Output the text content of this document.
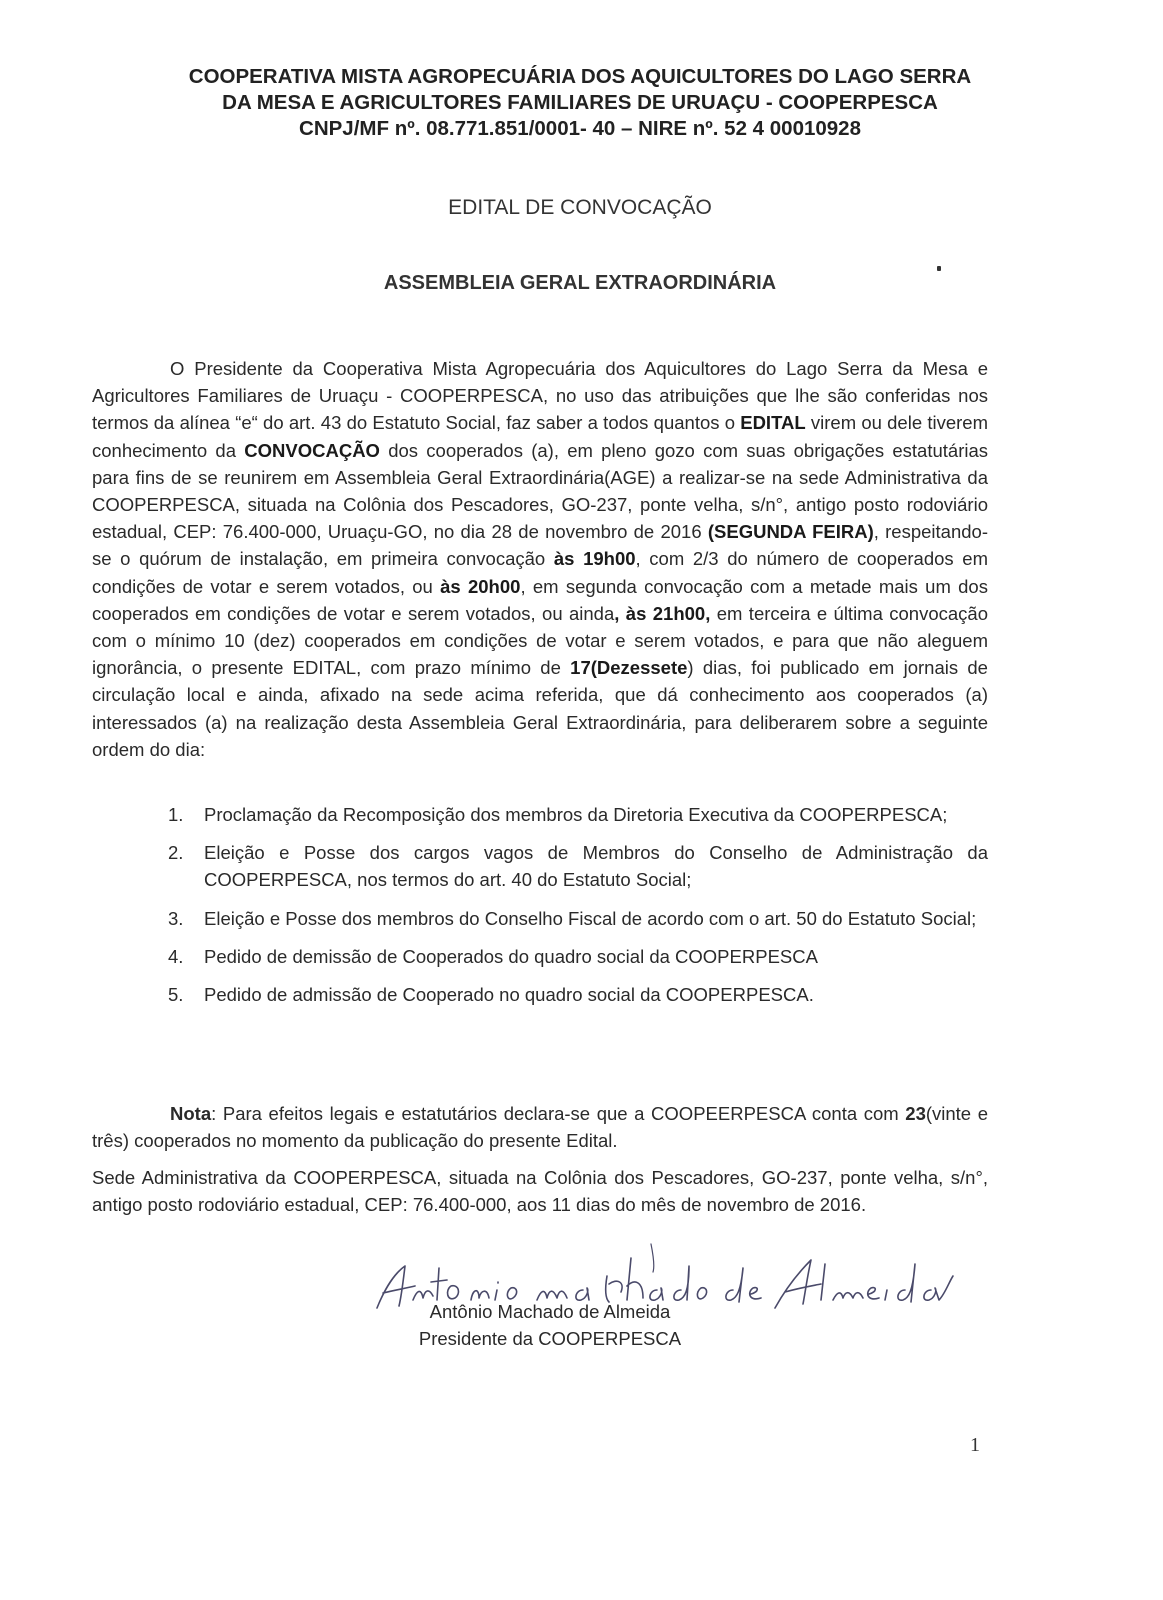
COOPERATIVA MISTA AGROPECUÁRIA DOS AQUICULTORES DO LAGO SERRA
DA MESA E AGRICULTORES FAMILIARES DE URUAÇU - COOPERPESCA
CNPJ/MF nº. 08.771.851/0001- 40 – NIRE nº. 52 4 00010928
EDITAL DE CONVOCAÇÃO
ASSEMBLEIA GERAL EXTRAORDINÁRIA
O Presidente da Cooperativa Mista Agropecuária dos Aquicultores do Lago Serra da Mesa e Agricultores Familiares de Uruaçu - COOPERPESCA, no uso das atribuições que lhe são conferidas nos termos da alínea “e“ do art. 43 do Estatuto Social, faz saber a todos quantos o EDITAL virem ou dele tiverem conhecimento da CONVOCAÇÃO dos cooperados (a), em pleno gozo com suas obrigações estatutárias para fins de se reunirem em Assembleia Geral Extraordinária(AGE) a realizar-se na sede Administrativa da COOPERPESCA, situada na Colônia dos Pescadores, GO-237, ponte velha, s/n°, antigo posto rodoviário estadual, CEP: 76.400-000, Uruaçu-GO, no dia 28 de novembro de 2016 (SEGUNDA FEIRA), respeitando-se o quórum de instalação, em primeira convocação às 19h00, com 2/3 do número de cooperados em condições de votar e serem votados, ou às 20h00, em segunda convocação com a metade mais um dos cooperados em condições de votar e serem votados, ou ainda, às 21h00, em terceira e última convocação com o mínimo 10 (dez) cooperados em condições de votar e serem votados, e para que não aleguem ignorância, o presente EDITAL, com prazo mínimo de 17(Dezessete) dias, foi publicado em jornais de circulação local e ainda, afixado na sede acima referida, que dá conhecimento aos cooperados (a) interessados (a) na realização desta Assembleia Geral Extraordinária, para deliberarem sobre a seguinte ordem do dia:
1. Proclamação da Recomposição dos membros da Diretoria Executiva da COOPERPESCA;
2. Eleição e Posse dos cargos vagos de Membros do Conselho de Administração da COOPERPESCA, nos termos do art. 40 do Estatuto Social;
3. Eleição e Posse dos membros do Conselho Fiscal de acordo com o art. 50 do Estatuto Social;
4. Pedido de demissão de Cooperados do quadro social da COOPERPESCA
5. Pedido de admissão de Cooperado no quadro social da COOPERPESCA.
Nota: Para efeitos legais e estatutários declara-se que a COOPEERPESCA conta com 23(vinte e três) cooperados no momento da publicação do presente Edital.
Sede Administrativa da COOPERPESCA, situada na Colônia dos Pescadores, GO-237, ponte velha, s/n°, antigo posto rodoviário estadual, CEP: 76.400-000, aos 11 dias do mês de novembro de 2016.
Antônio Machado de Almeida
Presidente da COOPERPESCA
1
